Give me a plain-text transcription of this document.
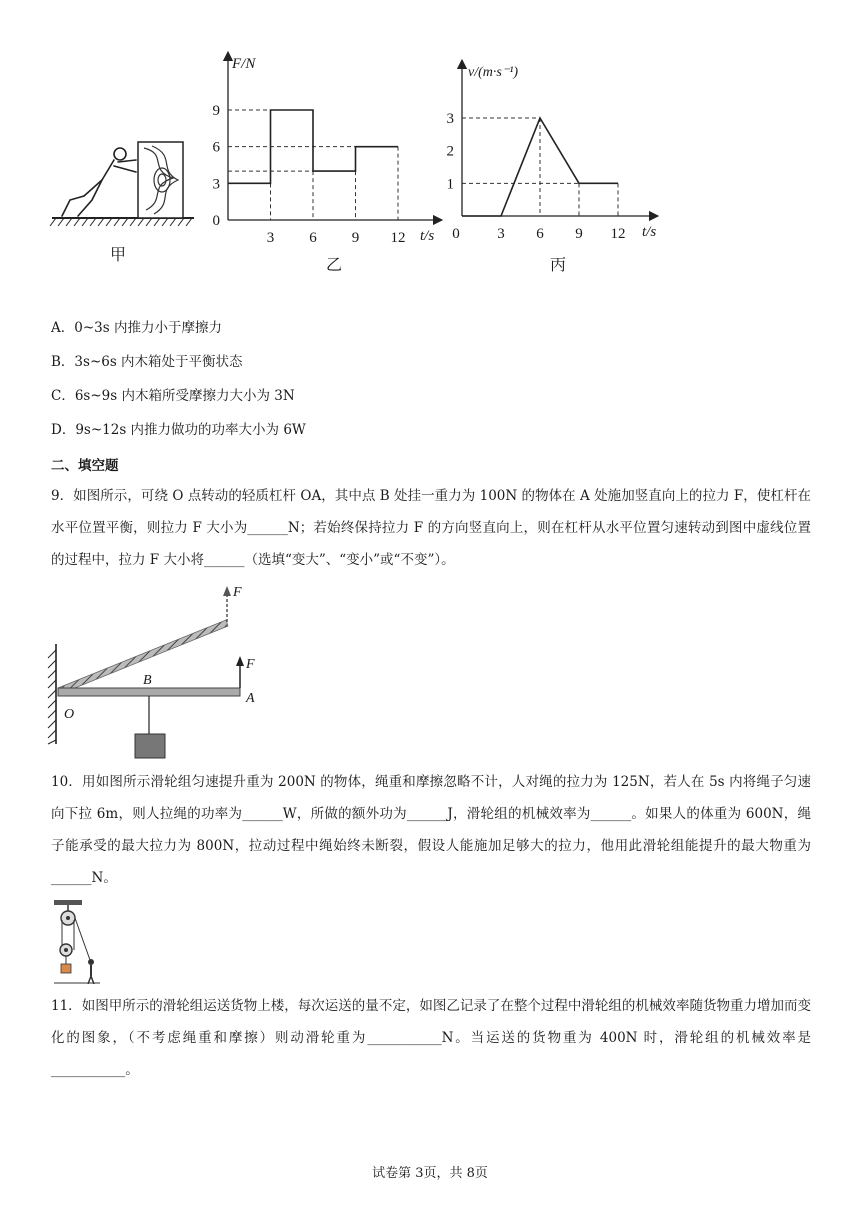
甲
3 6 9 12
0
3
6
9
F/N
t/s
乙
0	3 6 9 12
1
2
3
v/(m·s⁻¹)
t/s
丙
A．0~3s 内推力小于摩擦力
B．3s~6s 内木箱处于平衡状态
C．6s~9s 内木箱所受摩擦力大小为 3N
D．9s~12s 内推力做功的功率大小为 6W
二、填空题
9．如图所示，可绕 O 点转动的轻质杠杆 OA，其中点 B 处挂一重力为 100N 的物体在 A 处施加竖直向上的拉力 F，使杠杆在水平位置平衡，则拉力 F 大小为______N；若始终保持拉力 F 的方向竖直向上，则在杠杆从水平位置匀速转动到图中虚线位置的过程中，拉力 F 大小将______（选填“变大”、“变小”或“不变”）。
F
F
O
B
A
10．用如图所示滑轮组匀速提升重为 200N 的物体，绳重和摩擦忽略不计，人对绳的拉力为 125N，若人在 5s 内将绳子匀速向下拉 6m，则人拉绳的功率为______W，所做的额外功为______J，滑轮组的机械效率为______。如果人的体重为 600N，绳子能承受的最大拉力为 800N，拉动过程中绳始终未断裂，假设人能施加足够大的拉力，他用此滑轮组能提升的最大物重为______N。
11．如图甲所示的滑轮组运送货物上楼，每次运送的量不定，如图乙记录了在整个过程中滑轮组的机械效率随货物重力增加而变化的图象，（不考虑绳重和摩擦）则动滑轮重为___________N。当运送的货物重为 400N 时，滑轮组的机械效率是___________。
试卷第 3页，共 8页
